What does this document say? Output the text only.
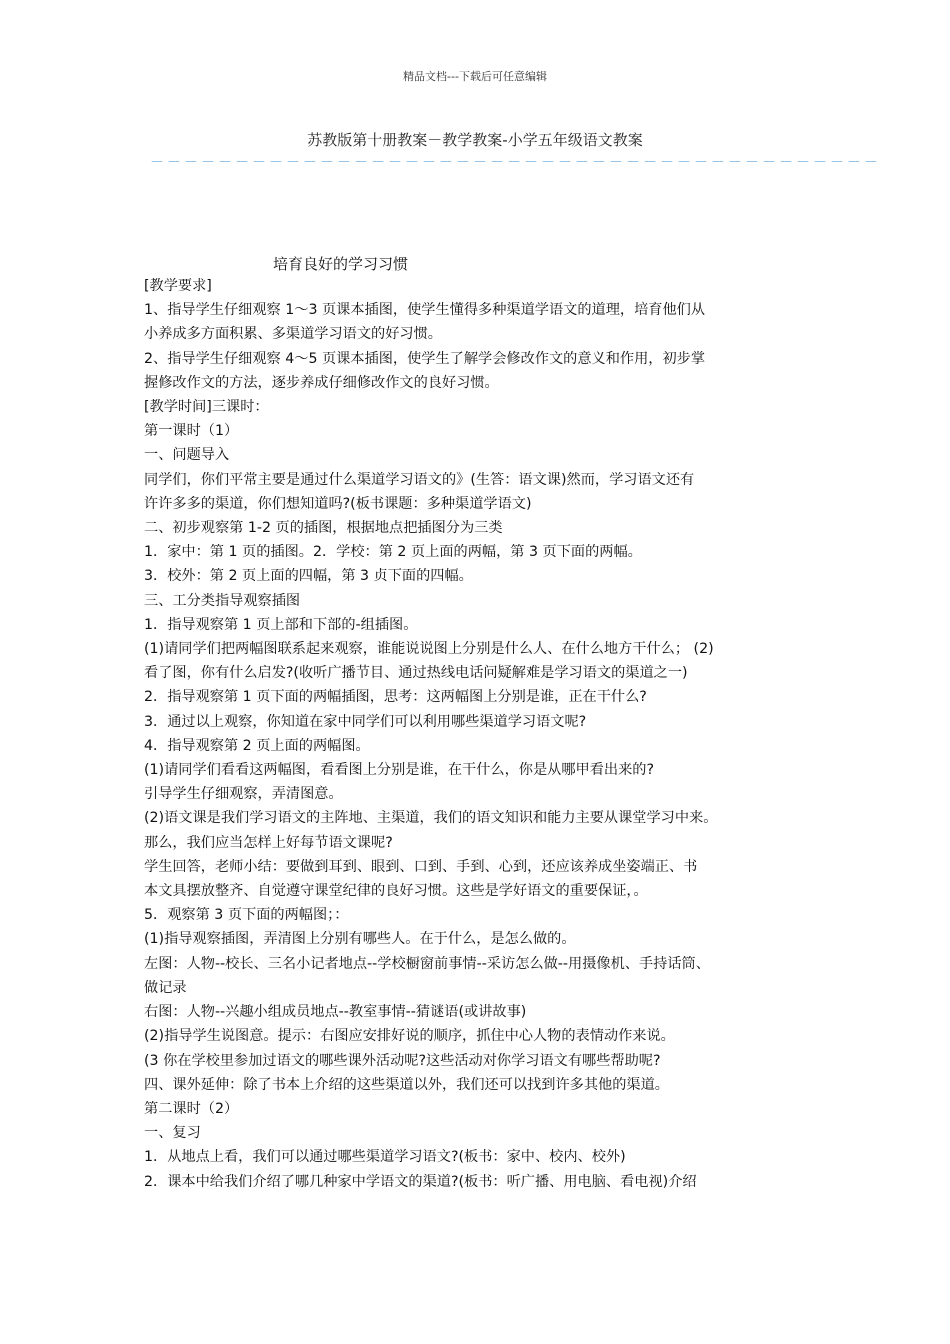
精品文档---下载后可任意编辑
苏教版第十册教案－教学教案-小学五年级语文教案
－－－－－－－－－－－－－－－－－－－－－－－－－－－－－－－－－－－－－－－－－－－
培育良好的学习习惯

[教学要求]

1、指导学生仔细观察 1～3 页课本插图，使学生懂得多种渠道学语文的道理，培育他们从

小养成多方面积累、多渠道学习语文的好习惯。

2、指导学生仔细观察 4～5 页课本插图，使学生了解学会修改作文的意义和作用，初步掌

握修改作文的方法，逐步养成仔细修改作文的良好习惯。

[教学时间]三课时：

第一课时（1）

一、问题导入

同学们，你们平常主要是通过什么渠道学习语文的》(生答：语文课)然而，学习语文还有

许许多多的渠道，你们想知道吗?(板书课题：多种渠道学语文)

二、初步观察第 1-2 页的插图，根据地点把插图分为三类

1．家中：第 1 页的插图。2．学校：第 2 页上面的两幅，第 3 页下面的两幅。

3．校外：第 2 页上面的四幅，第 3 贞下面的四幅。

三、工分类指导观察插图

1．指导观察第 1 页上部和下部的-组插图。

(1)请同学们把两幅图联系起来观察，谁能说说图上分别是什么人、在什么地方干什么； (2)

看了图，你有什么启发?(收听广播节目、通过热线电话问疑解难是学习语文的渠道之一)

2．指导观察第 1 页下面的两幅插图，思考：这两幅图上分别是谁，正在干什么?

3．通过以上观察，你知道在家中同学们可以利用哪些渠道学习语文呢?

4．指导观察第 2 页上面的两幅图。

(1)请同学们看看这两幅图，看看图上分别是谁，在干什么，你是从哪甲看出来的?

引导学生仔细观察，弄清图意。

(2)语文课是我们学习语文的主阵地、主渠道，我们的语文知识和能力主要从课堂学习中来。

那么，我们应当怎样上好每节语文课呢?

学生回答，老师小结：要做到耳到、眼到、口到、手到、心到，还应该养成坐姿端正、书

本文具摆放整齐、自觉遵守课堂纪律的良好习惯。这些是学好语文的重要保证，。

5．观察第 3 页下面的两幅图；：

(1)指导观察插图，弄清图上分别有哪些人。在于什么，是怎么做的。

左图：人物--校长、三名小记者地点--学校橱窗前事情--采访怎么做--用摄像机、手持话筒、

做记录

右图：人物--兴趣小组成员地点--教室事情--猜谜语(或讲故事)

(2)指导学生说图意。提示：右图应安排好说的顺序，抓住中心人物的表情动作来说。

(3 你在学校里参加过语文的哪些课外活动呢?这些活动对你学习语文有哪些帮助呢?

四、课外延伸：除了书本上介绍的这些渠道以外，我们还可以找到许多其他的渠道。

第二课时（2）

一、复习

1．从地点上看，我们可以通过哪些渠道学习语文?(板书：家中、校内、校外)

2．课本中给我们介绍了哪几种家中学语文的渠道?(板书：听广播、用电脑、看电视)介绍
